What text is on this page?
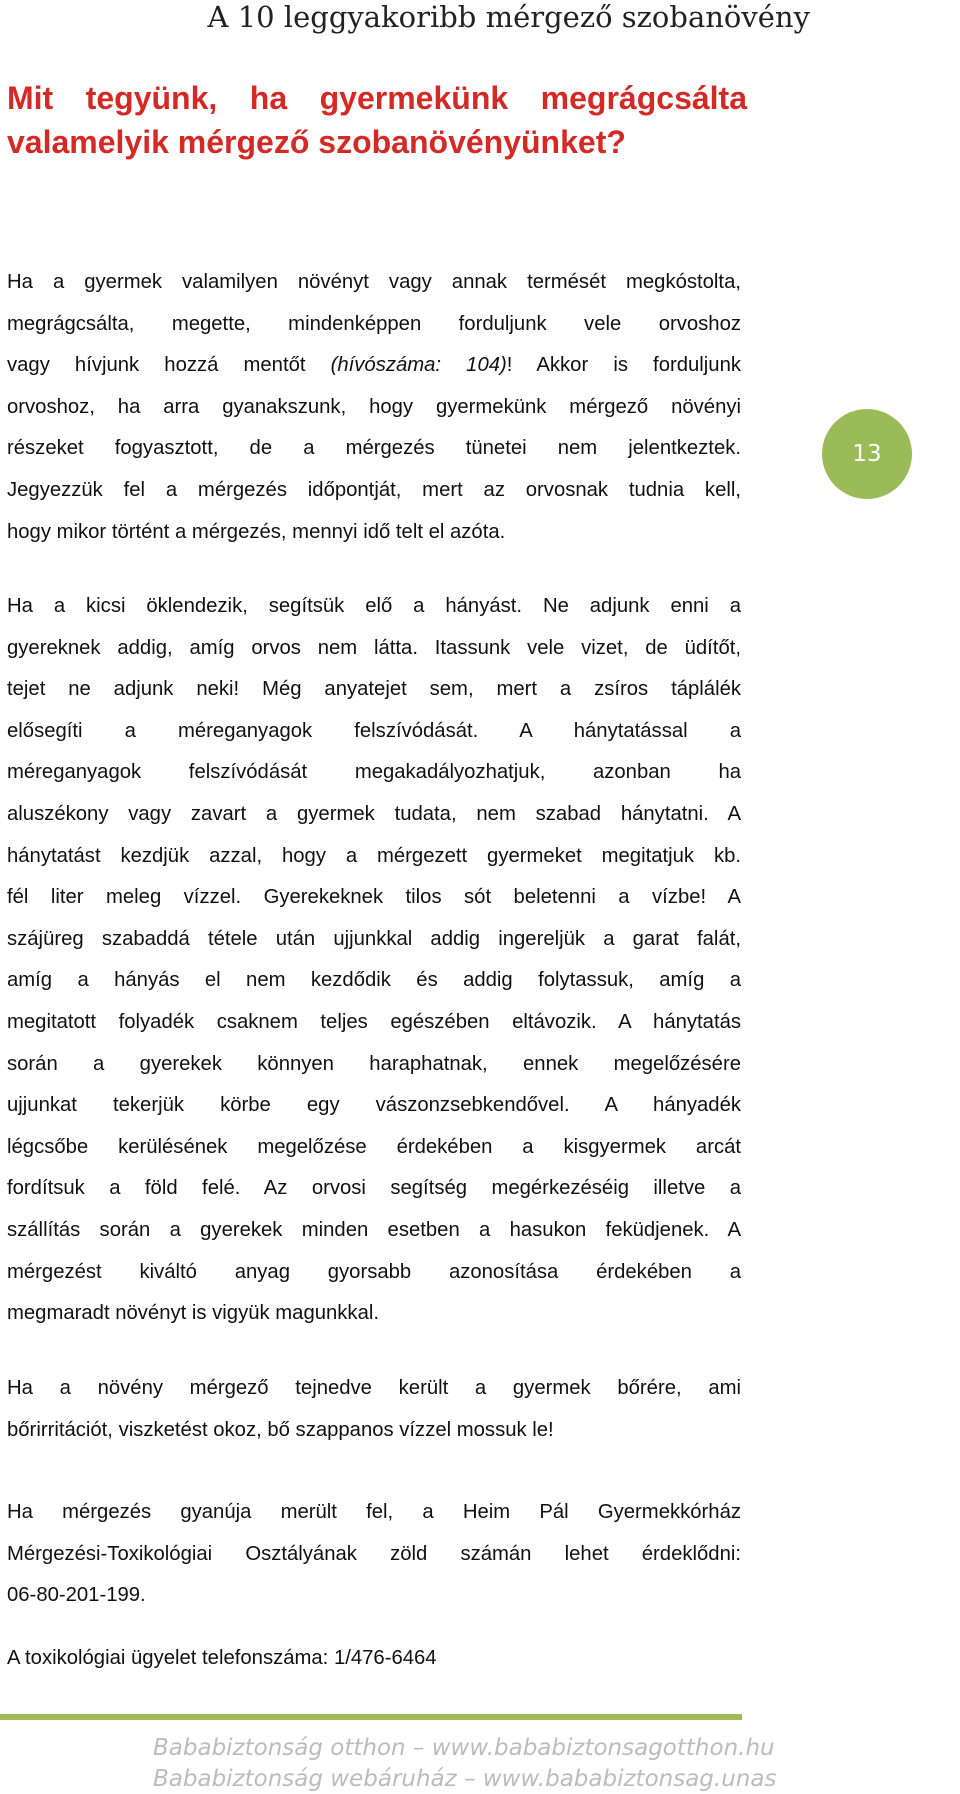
A 10 leggyakoribb mérgező szobanövény
Mit tegyünk, ha gyermekünk megrágcsálta
valamelyik mérgező szobanövényünket?

Ha a gyermek valamilyen növényt vagy annak termését megkóstolta,
megrágcsálta, megette, mindenképpen forduljunk vele orvoshoz
vagy hívjunk hozzá mentőt (hívószáma: 104)! Akkor is forduljunk
orvoshoz, ha arra gyanakszunk, hogy gyermekünk mérgező növényi
részeket fogyasztott, de a mérgezés tünetei nem jelentkeztek.
Jegyezzük fel a mérgezés időpontját, mert az orvosnak tudnia kell,
hogy mikor történt a mérgezés, mennyi idő telt el azóta.

Ha a kicsi öklendezik, segítsük elő a hányást. Ne adjunk enni a
gyereknek addig, amíg orvos nem látta. Itassunk vele vizet, de üdítőt,
tejet ne adjunk neki! Még anyatejet sem, mert a zsíros táplálék
elősegíti a méreganyagok felszívódását. A hánytatással a
méreganyagok felszívódását megakadályozhatjuk, azonban ha
aluszékony vagy zavart a gyermek tudata, nem szabad hánytatni. A
hánytatást kezdjük azzal, hogy a mérgezett gyermeket megitatjuk kb.
fél liter meleg vízzel. Gyerekeknek tilos sót beletenni a vízbe! A
szájüreg szabaddá tétele után ujjunkkal addig ingereljük a garat falát,
amíg a hányás el nem kezdődik és addig folytassuk, amíg a
megitatott folyadék csaknem teljes egészében eltávozik. A hánytatás
során a gyerekek könnyen haraphatnak, ennek megelőzésére
ujjunkat tekerjük körbe egy vászonzsebkendővel. A hányadék
légcsőbe kerülésének megelőzése érdekében a kisgyermek arcát
fordítsuk a föld felé. Az orvosi segítség megérkezéséig illetve a
szállítás során a gyerekek minden esetben a hasukon feküdjenek. A
mérgezést kiváltó anyag gyorsabb azonosítása érdekében a
megmaradt növényt is vigyük magunkkal.

Ha a növény mérgező tejnedve került a gyermek bőrére, ami
bőrirritációt, viszketést okoz, bő szappanos vízzel mossuk le!

Ha mérgezés gyanúja merült fel, a Heim Pál Gyermekkórház
Mérgezési-Toxikológiai Osztályának zöld számán lehet érdeklődni:
06-80-201-199.

A toxikológiai ügyelet telefonszáma: 1/476-6464

13
Bababiztonság otthon – www.bababiztonsagotthon.hu
Bababiztonság webáruház – www.bababiztonsag.unas
